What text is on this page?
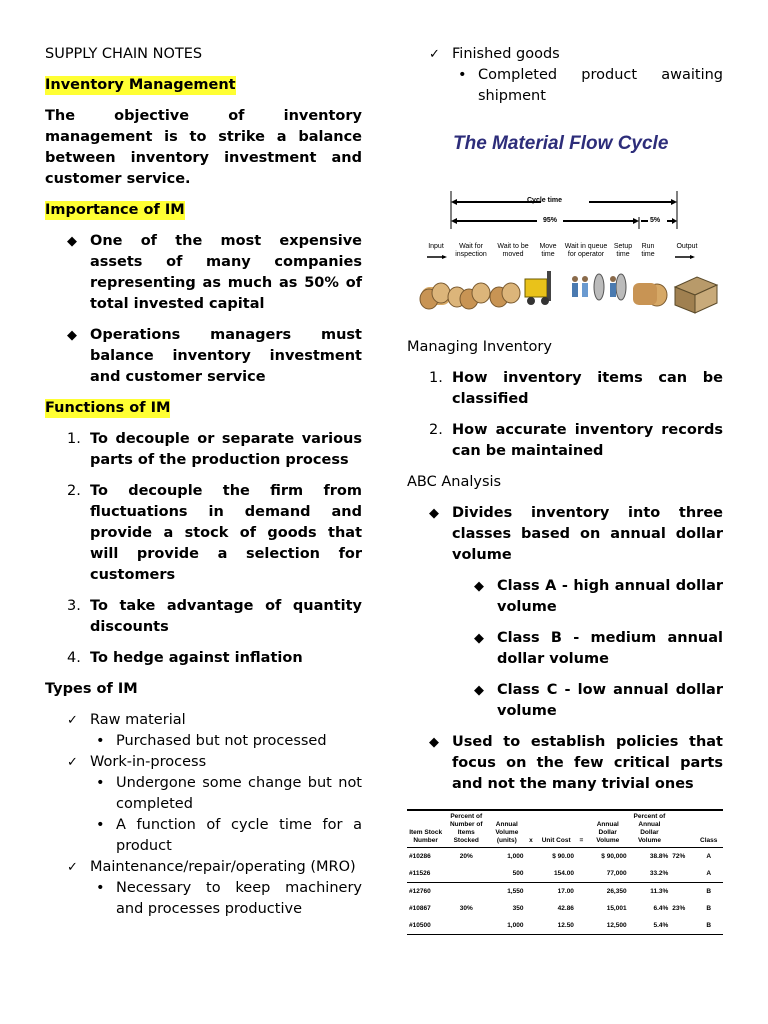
SUPPLY CHAIN NOTES

Inventory Management

The objective of inventory management is to strike a balance between inventory investment and customer service.

Importance of IM

◆ One of the most expensive assets of many companies representing as much as 50% of total invested capital
◆ Operations managers must balance inventory investment and customer service

Functions of IM

1. To decouple or separate various parts of the production process
2. To decouple the firm from fluctuations in demand and provide a stock of goods that will provide a selection for customers
3. To take advantage of quantity discounts
4. To hedge against inflation

Types of IM

✓ Raw material
• Purchased but not processed
✓ Work-in-process
• Undergone some change but not completed
• A function of cycle time for a product
✓ Maintenance/repair/operating (MRO)
• Necessary to keep machinery and processes productive
✓ Finished goods
• Completed product awaiting shipment
The Material Flow Cycle
Cycle time
95%	5%
Input	Wait for inspection
Wait to be moved
Move time
Wait in queue for operator
Setup time
Run time
Output

Managing Inventory

1. How inventory items can be classified
2. How accurate inventory records can be maintained

ABC Analysis

◆ Divides inventory into three classes based on annual dollar volume
◆ Class A - high annual dollar volume
◆ Class B - medium annual dollar volume
◆ Class C - low annual dollar volume
◆ Used to establish policies that focus on the few critical parts and not the many trivial ones
Item Stock Number	Percent of Number of Items Stocked	Annual Volume (units)	x	Unit Cost	=	Annual Dollar Volume	Percent of Annual Dollar Volume		Class
#10286	20%	1,000		$ 90.00		$ 90,000	38.8%	72%	A
#11526		500		154.00		77,000	33.2%		A
#12760		1,550		17.00		26,350	11.3%		B
#10867	30%	350		42.86		15,001	6.4%	23%	B
#10500		1,000		12.50		12,500	5.4%		B
